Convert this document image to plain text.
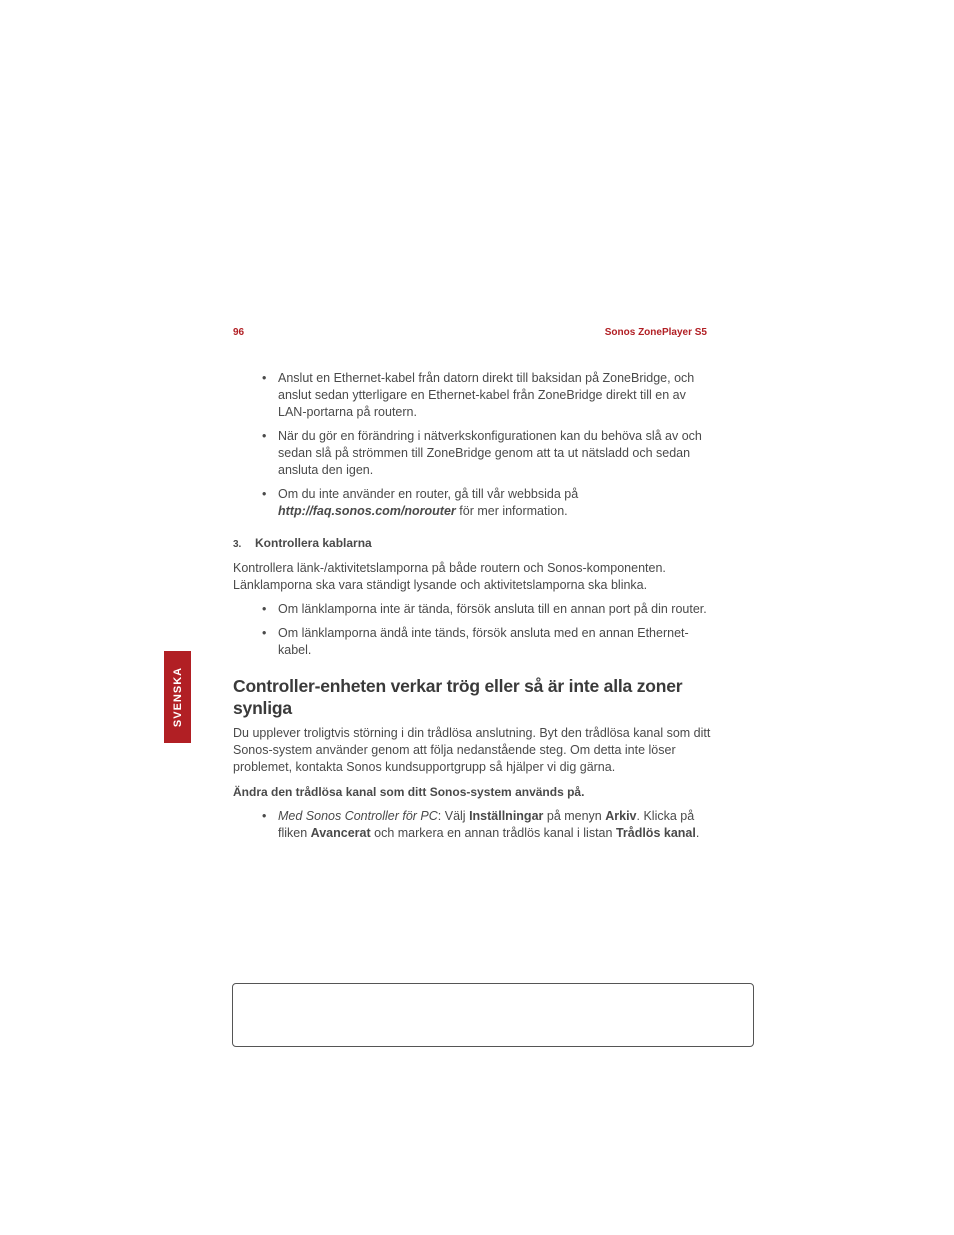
96	Sonos ZonePlayer S5
• Anslut en Ethernet-kabel från datorn direkt till baksidan på ZoneBridge, och anslut sedan ytterligare en Ethernet-kabel från ZoneBridge direkt till en av LAN-portarna på routern.
• När du gör en förändring i nätverkskonfigurationen kan du behöva slå av och sedan slå på strömmen till ZoneBridge genom att ta ut nätsladd och sedan ansluta den igen.
• Om du inte använder en router, gå till vår webbsida på
http://faq.sonos.com/norouter för mer information.
3. Kontrollera kablarna

Kontrollera länk-/aktivitetslamporna på både routern och Sonos-komponenten. Länklamporna ska vara ständigt lysande och aktivitetslamporna ska blinka.

• Om länklamporna inte är tända, försök ansluta till en annan port på din router.
• Om länklamporna ändå inte tänds, försök ansluta med en annan Ethernet-kabel.
Controller-enheten verkar trög eller så är inte alla zoner synliga

Du upplever troligtvis störning i din trådlösa anslutning. Byt den trådlösa kanal som ditt Sonos-system använder genom att följa nedanstående steg. Om detta inte löser problemet, kontakta Sonos kundsupportgrupp så hjälper vi dig gärna.

Ändra den trådlösa kanal som ditt Sonos-system används på.
• Med Sonos Controller för PC: Välj Inställningar på menyn Arkiv. Klicka på fliken Avancerat och markera en annan trådlös kanal i listan Trådlös kanal.
SVENSKA
